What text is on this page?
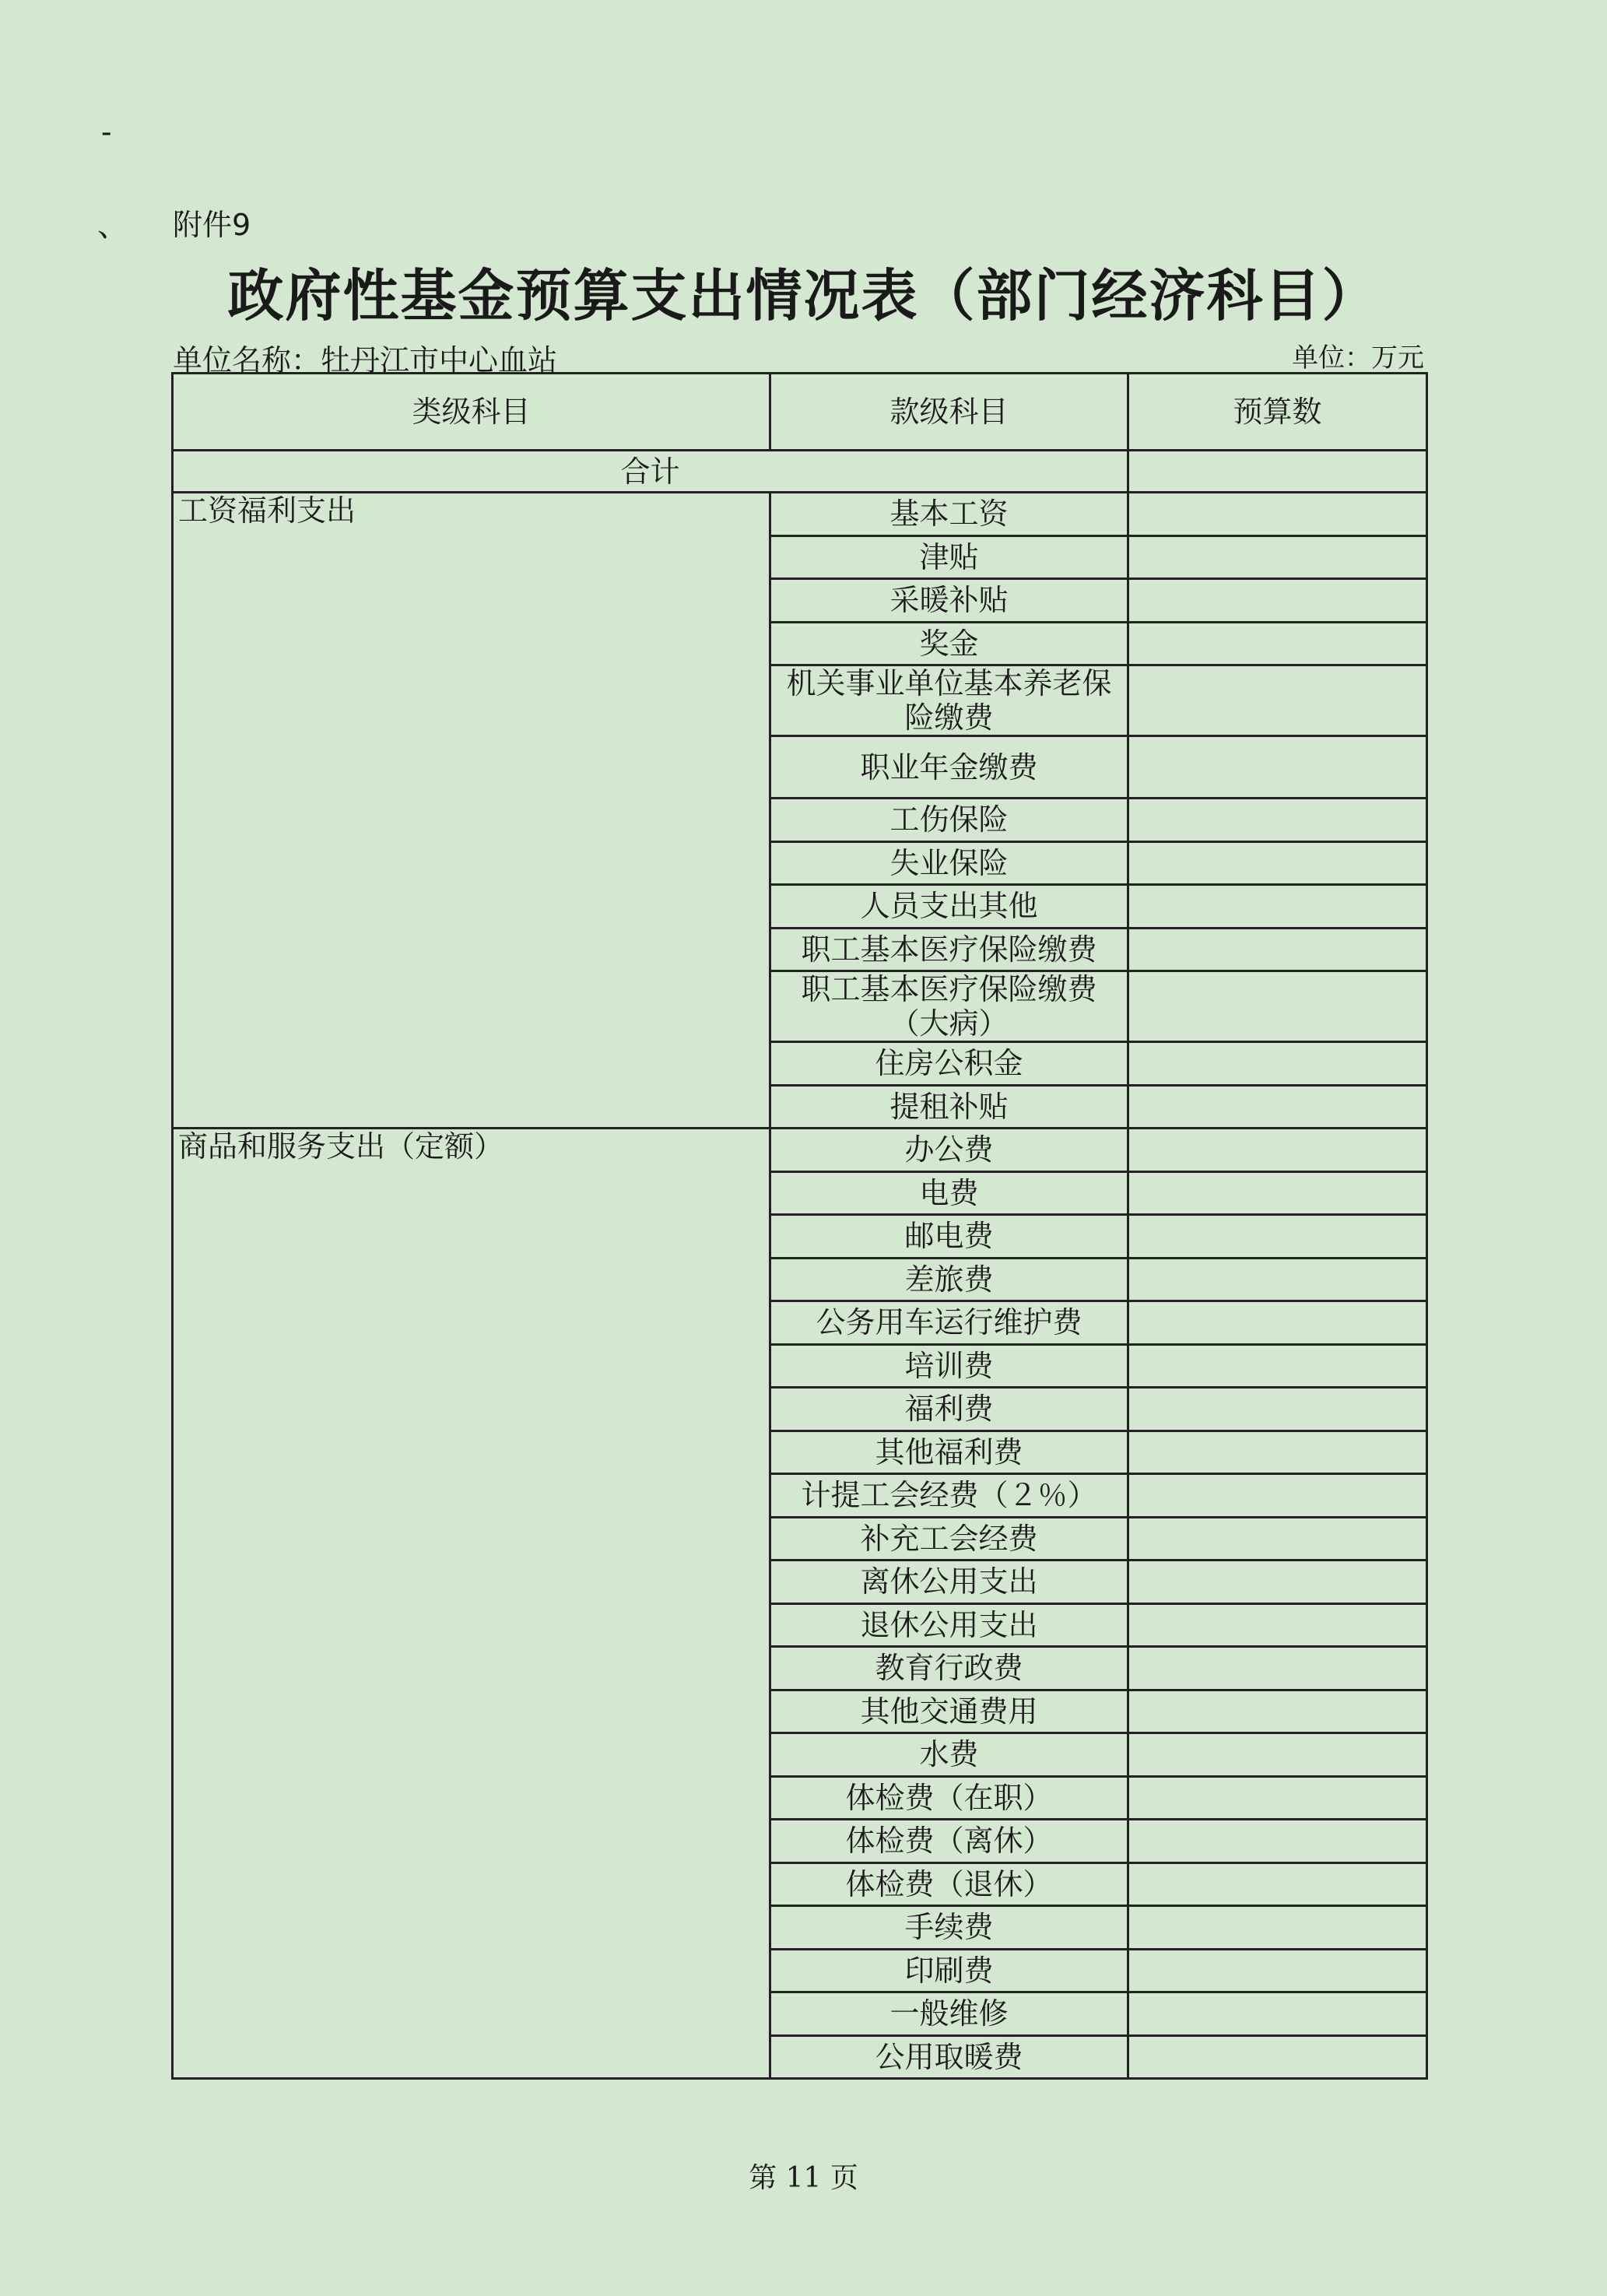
-
、 附件9
政府性基金预算支出情况表（部门经济科目）
单位名称：牡丹江市中心血站	单位：万元
类级科目	款级科目	预算数
合计		
工资福利支出	基本工资	
	津贴	
	采暖补贴	
	奖金	
	机关事业单位基本养老保险缴费	
	职业年金缴费	
	工伤保险	
	失业保险	
	人员支出其他	
	职工基本医疗保险缴费	
	职工基本医疗保险缴费（大病）	
	住房公积金	
	提租补贴	
商品和服务支出（定额）	办公费	
	电费	
	邮电费	
	差旅费	
	公务用车运行维护费	
	培训费	
	福利费	
	其他福利费	
	计提工会经费（２％）	
	补充工会经费	
	离休公用支出	
	退休公用支出	
	教育行政费	
	其他交通费用	
	水费	
	体检费（在职）	
	体检费（离休）	
	体检费（退休）	
	手续费	
	印刷费	
	一般维修	
	公用取暖费	
第 11 页
